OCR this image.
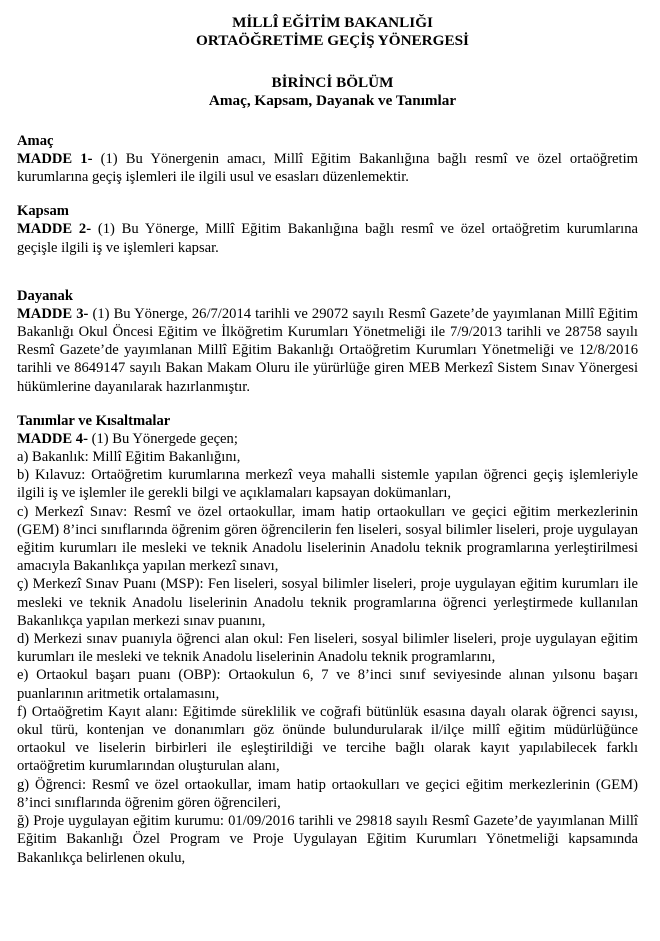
MİLLÎ EĞİTİM BAKANLIĞI
ORTAÖĞRETİME GEÇİŞ YÖNERGESİ
BİRİNCİ BÖLÜM
Amaç, Kapsam, Dayanak ve Tanımlar
Amaç
MADDE 1- (1) Bu Yönergenin amacı, Millî Eğitim Bakanlığına bağlı resmî ve özel ortaöğretim kurumlarına geçiş işlemleri ile ilgili usul ve esasları düzenlemektir.
Kapsam
MADDE 2- (1) Bu Yönerge, Millî Eğitim Bakanlığına bağlı resmî ve özel ortaöğretim kurumlarına geçişle ilgili iş ve işlemleri kapsar.
Dayanak
MADDE 3- (1) Bu Yönerge, 26/7/2014 tarihli ve 29072 sayılı Resmî Gazete’de yayımlanan Millî Eğitim Bakanlığı Okul Öncesi Eğitim ve İlköğretim Kurumları Yönetmeliği ile 7/9/2013 tarihli ve 28758 sayılı Resmî Gazete’de yayımlanan Millî Eğitim Bakanlığı Ortaöğretim Kurumları Yönetmeliği ve 12/8/2016 tarihli ve 8649147 sayılı Bakan Makam Oluru ile yürürlüğe giren MEB Merkezî Sistem Sınav Yönergesi hükümlerine dayanılarak hazırlanmıştır.
Tanımlar ve Kısaltmalar
MADDE 4- (1) Bu Yönergede geçen;
a) Bakanlık: Millî Eğitim Bakanlığını,
b) Kılavuz: Ortaöğretim kurumlarına merkezî veya mahalli sistemle yapılan öğrenci geçiş işlemleriyle ilgili iş ve işlemler ile gerekli bilgi ve açıklamaları kapsayan dokümanları,
c) Merkezî Sınav: Resmî ve özel ortaokullar, imam hatip ortaokulları ve geçici eğitim merkezlerinin (GEM) 8’inci sınıflarında öğrenim gören öğrencilerin fen liseleri, sosyal bilimler liseleri, proje uygulayan eğitim kurumları ile mesleki ve teknik Anadolu liselerinin Anadolu teknik programlarına yerleştirilmesi amacıyla Bakanlıkça yapılan merkezî sınavı,
ç) Merkezî Sınav Puanı (MSP): Fen liseleri, sosyal bilimler liseleri, proje uygulayan eğitim kurumları ile mesleki ve teknik Anadolu liselerinin Anadolu teknik programlarına öğrenci yerleştirmede kullanılan Bakanlıkça yapılan merkezi sınav puanını,
d) Merkezi sınav puanıyla öğrenci alan okul: Fen liseleri, sosyal bilimler liseleri, proje uygulayan eğitim kurumları ile mesleki ve teknik Anadolu liselerinin Anadolu teknik programlarını,
e) Ortaokul başarı puanı (OBP): Ortaokulun 6, 7 ve 8’inci sınıf seviyesinde alınan yılsonu başarı puanlarının aritmetik ortalamasını,
f) Ortaöğretim Kayıt alanı: Eğitimde süreklilik ve coğrafi bütünlük esasına dayalı olarak öğrenci sayısı, okul türü, kontenjan ve donanımları göz önünde bulundurularak il/ilçe millî eğitim müdürlüğünce ortaokul ve liselerin birbirleri ile eşleştirildiği ve tercihe bağlı olarak kayıt yapılabilecek farklı ortaöğretim kurumlarından oluşturulan alanı,
g) Öğrenci: Resmî ve özel ortaokullar, imam hatip ortaokulları ve geçici eğitim merkezlerinin (GEM) 8’inci sınıflarında öğrenim gören öğrencileri,
ğ) Proje uygulayan eğitim kurumu: 01/09/2016 tarihli ve 29818 sayılı Resmî Gazete’de yayımlanan Millî Eğitim Bakanlığı Özel Program ve Proje Uygulayan Eğitim Kurumları Yönetmeliği kapsamında Bakanlıkça belirlenen okulu,
